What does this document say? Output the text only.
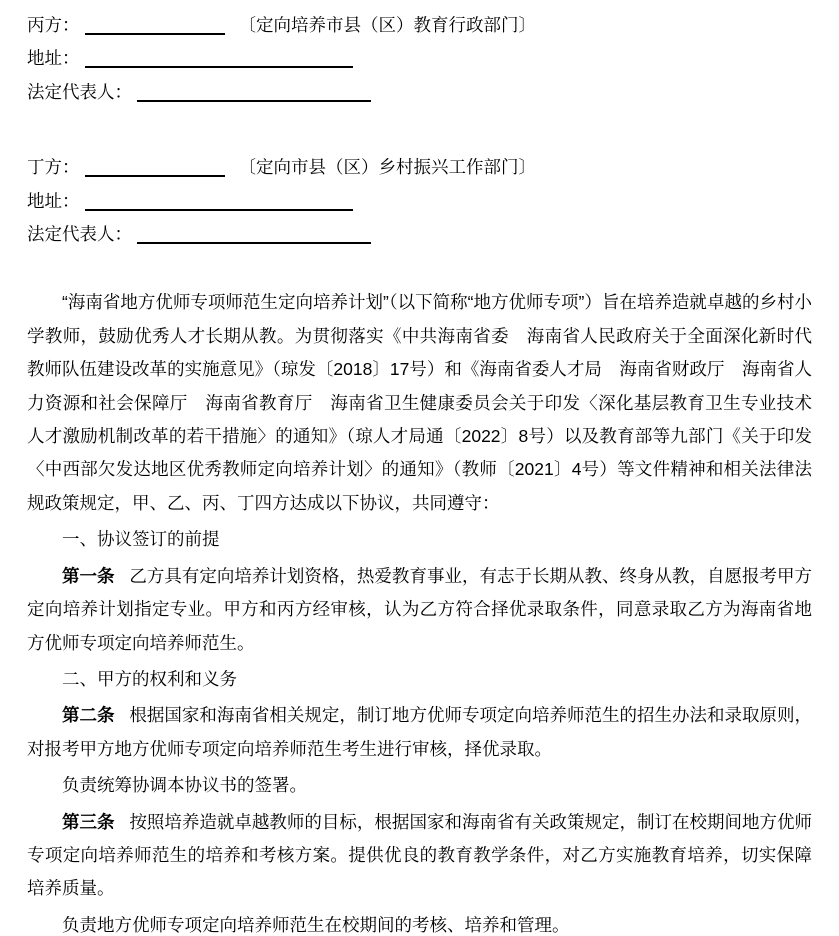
丙方：	〔定向培养市县（区）教育行政部门〕

地址：

法定代表人：

丁方：	〔定向市县（区）乡村振兴工作部门〕

地址：

法定代表人：

“海南省地方优师专项师范生定向培养计划”（以下简称“地方优师专项”）旨在培养造就卓越的乡村小学教师，鼓励优秀人才长期从教。为贯彻落实《中共海南省委　海南省人民政府关于全面深化新时代教师队伍建设改革的实施意见》（琼发〔2018〕17号）和《海南省委人才局　海南省财政厅　海南省人力资源和社会保障厅　海南省教育厅　海南省卫生健康委员会关于印发〈深化基层教育卫生专业技术人才激励机制改革的若干措施〉的通知》（琼人才局通〔2022〕8号）以及教育部等九部门《关于印发〈中西部欠发达地区优秀教师定向培养计划〉的通知》（教师〔2021〕4号）等文件精神和相关法律法规政策规定，甲、乙、丙、丁四方达成以下协议，共同遵守：

一、协议签订的前提

第一条 乙方具有定向培养计划资格，热爱教育事业，有志于长期从教、终身从教，自愿报考甲方定向培养计划指定专业。甲方和丙方经审核，认为乙方符合择优录取条件，同意录取乙方为海南省地方优师专项定向培养师范生。

二、甲方的权利和义务

第二条 根据国家和海南省相关规定，制订地方优师专项定向培养师范生的招生办法和录取原则，对报考甲方地方优师专项定向培养师范生考生进行审核，择优录取。

负责统筹协调本协议书的签署。

第三条 按照培养造就卓越教师的目标，根据国家和海南省有关政策规定，制订在校期间地方优师专项定向培养师范生的培养和考核方案。提供优良的教育教学条件，对乙方实施教育培养，切实保障培养质量。

负责地方优师专项定向培养师范生在校期间的考核、培养和管理。
